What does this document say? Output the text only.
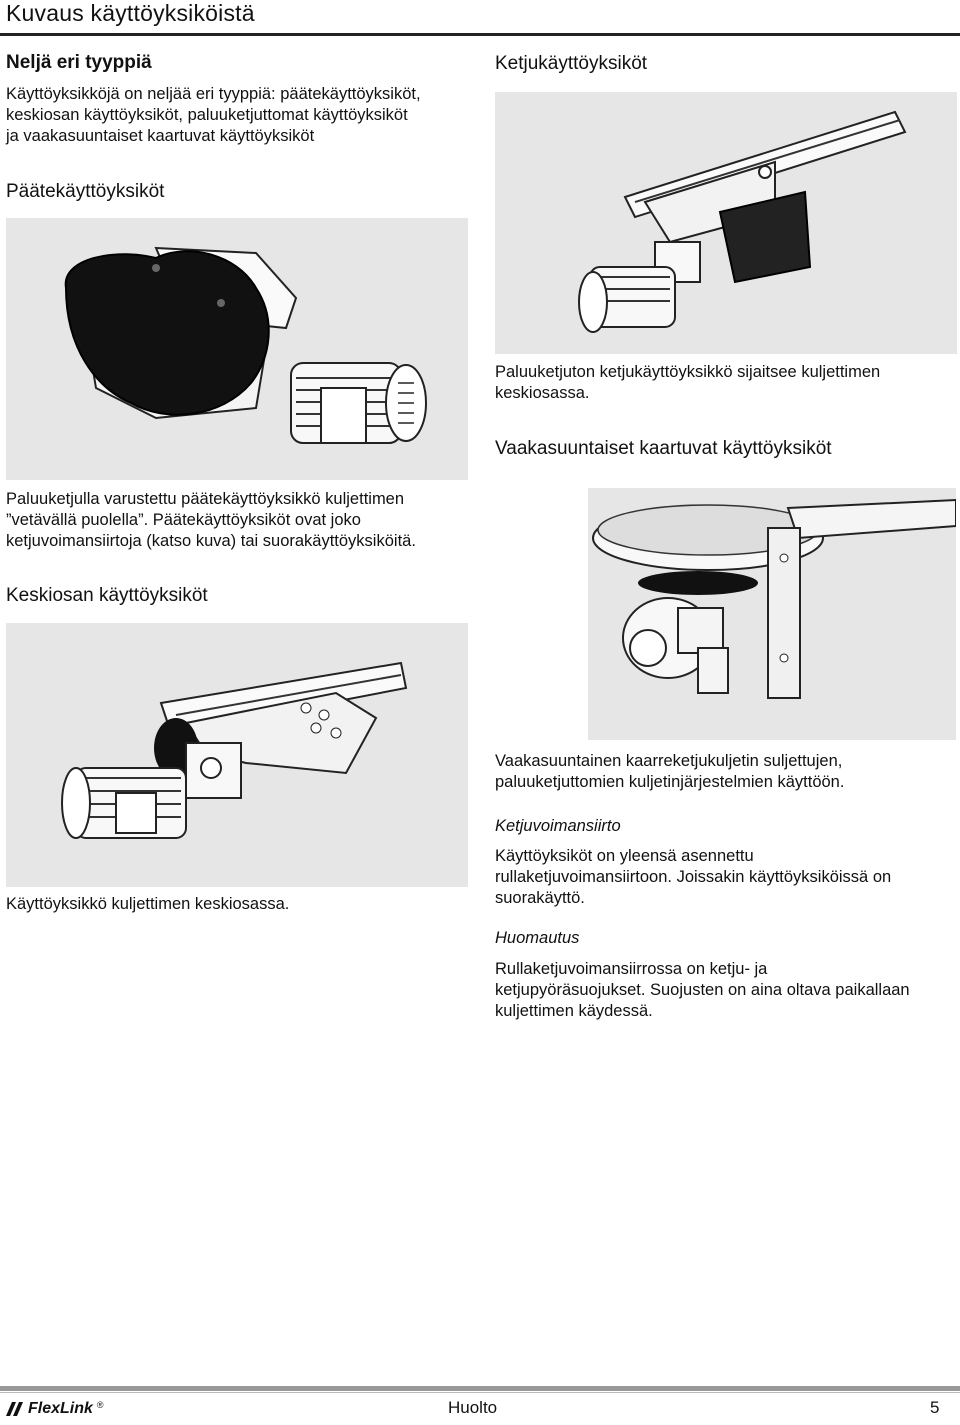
Kuvaus käyttöyksiköistä
Neljä eri tyyppiä
Käyttöyksikköjä on neljää eri tyyppiä: päätekäyttöyksiköt,
keskiosan käyttöyksiköt, paluuketjuttomat käyttöyksiköt
ja vaakasuuntaiset kaartuvat käyttöyksiköt
Päätekäyttöyksiköt
Paluuketjulla varustettu päätekäyttöyksikkö kuljettimen
”vetävällä puolella”. Päätekäyttöyksiköt ovat joko
ketjuvoimansiirtoja (katso kuva) tai suorakäyttöyksiköitä.
Keskiosan käyttöyksiköt
Käyttöyksikkö kuljettimen keskiosassa.
Ketjukäyttöyksiköt
Paluuketjuton ketjukäyttöyksikkö sijaitsee kuljettimen
keskiosassa.
Vaakasuuntaiset kaartuvat käyttöyksiköt
Vaakasuuntainen kaarreketjukuljetin suljettujen,
paluuketjuttomien kuljetinjärjestelmien käyttöön.
Ketjuvoimansiirto
Käyttöyksiköt on yleensä asennettu
rullaketjuvoimansiirtoon. Joissakin käyttöyksiköissä on
suorakäyttö.
Huomautus
Rullaketjuvoimansiirrossa on ketju- ja
ketjupyöräsuojukset. Suojusten on aina oltava paikallaan
kuljettimen käydessä.
FlexLink ®	Huolto	5
